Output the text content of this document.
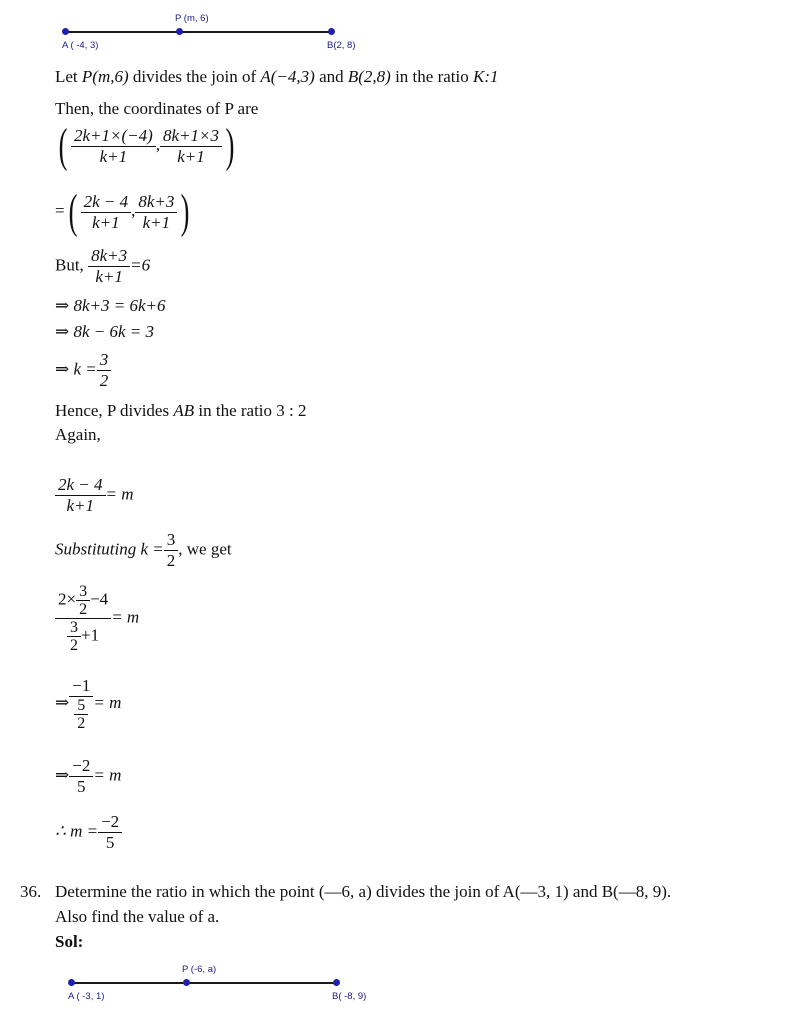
P (m, 6)
A ( -4, 3)	B(2, 8)
Let P(m,6) divides the join of A(−4,3) and B(2,8) in the ratio K:1
Then, the coordinates of P are
( $\frac{2k+1\times(-4)}{k+1}$ , $\frac{8k+1\times 3}{k+1}$ )
=( $\frac{2k - 4}{k+1}$ , $\frac{8k+3}{k+1}$ )
But, $\frac{8k+3}{k+1} =6$
⇒ 8k+3 = 6k+6
⇒ 8k − 6k = 3
⇒ $k = \frac{3}{2}$
Hence, P divides AB in the ratio 3 : 2
Again,
$\frac{2k - 4}{k+1} = m$
Substituting $k = \frac{3}{2}$ , we get
$\frac{2\times \frac{3}{2} -4}{\frac{3}{2} +1} = m$
⇒ $\frac{-1}{\frac{5}{2}} = m$
⇒ $\frac{-2}{5} = m$
∴ $m = \frac{-2}{5}$
36. Determine the ratio in which the point (—6, a) divides the join of A(—3, 1) and B(—8, 9).
Also find the value of a.
Sol:
P (-6, a)
A ( -3, 1)	B( -8, 9)
